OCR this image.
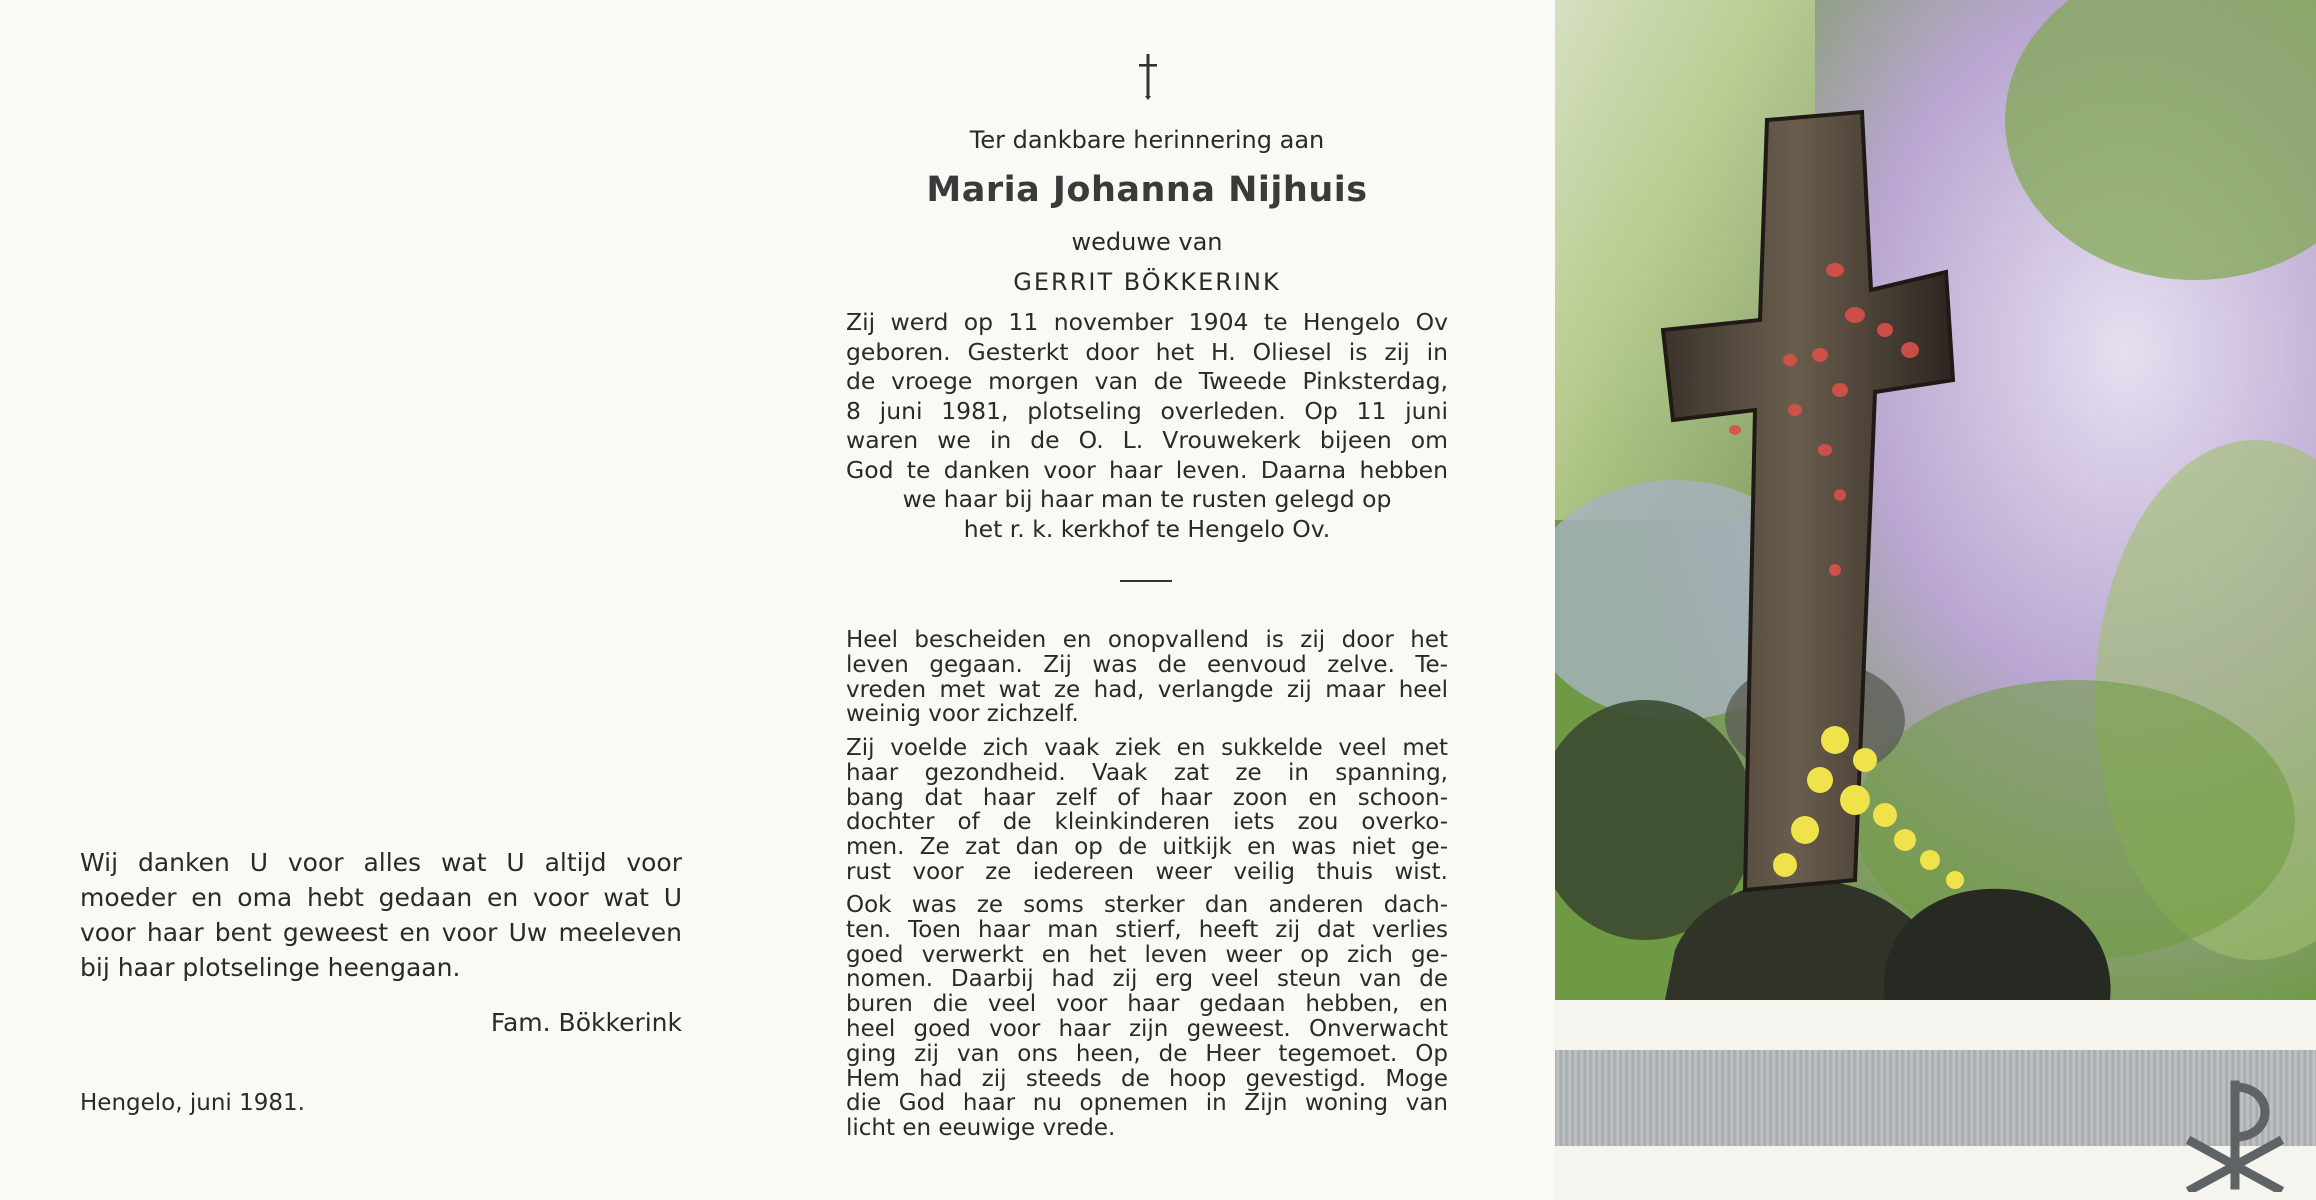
Wij danken U voor alles wat U altijd voor
moeder en oma hebt gedaan en voor wat U
voor haar bent geweest en voor Uw meeleven
bij haar plotselinge heengaan.
Fam. Bökkerink
Hengelo, juni 1981.
Ter dankbare herinnering aan
Maria Johanna Nijhuis
weduwe van
GERRIT BÖKKERINK
Zij werd op 11 november 1904 te Hengelo Ov
geboren. Gesterkt door het H. Oliesel is zij in
de vroege morgen van de Tweede Pinksterdag,
8 juni 1981, plotseling overleden. Op 11 juni
waren we in de O. L. Vrouwekerk bijeen om
God te danken voor haar leven. Daarna hebben
we haar bij haar man te rusten gelegd op
het r. k. kerkhof te Hengelo Ov.
Heel bescheiden en onopvallend is zij door het
leven gegaan. Zij was de eenvoud zelve. Te-
vreden met wat ze had, verlangde zij maar heel
weinig voor zichzelf.
Zij voelde zich vaak ziek en sukkelde veel met
haar gezondheid. Vaak zat ze in spanning,
bang dat haar zelf of haar zoon en schoon-
dochter of de kleinkinderen iets zou overko-
men. Ze zat dan op de uitkijk en was niet ge-
rust voor ze iedereen weer veilig thuis wist.
Ook was ze soms sterker dan anderen dach-
ten. Toen haar man stierf, heeft zij dat verlies
goed verwerkt en het leven weer op zich ge-
nomen. Daarbij had zij erg veel steun van de
buren die veel voor haar gedaan hebben, en
heel goed voor haar zijn geweest. Onverwacht
ging zij van ons heen, de Heer tegemoet. Op
Hem had zij steeds de hoop gevestigd. Moge
die God haar nu opnemen in Zijn woning van
licht en eeuwige vrede.
